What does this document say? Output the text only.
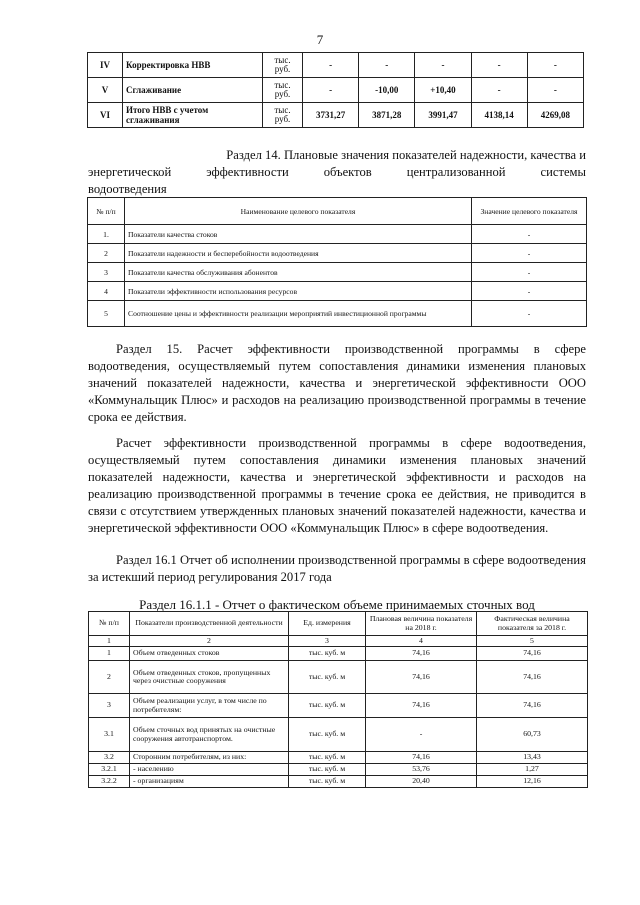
7
IV	Корректировка НВВ	тыс. руб.	-	-	-	-	-
V	Сглаживание	тыс. руб.	-	-10,00	+10,40	-	-
VI	Итого НВВ с учетом сглаживания	тыс. руб.	3731,27	3871,28	3991,47	4138,14	4269,08
Раздел 14. Плановые значения показателей надежности, качества и
энергетической	эффективности	объектов	централизованной	системы
водоотведения
№ п/п	Наименование целевого показателя	Значение целевого показателя
1.	Показатели качества стоков	-
2	Показатели надежности и бесперебойности водоотведения	-
3	Показатели качества обслуживания абонентов	-
4	Показатели эффективности использования ресурсов	-
5	Соотношение цены и эффективности реализации мероприятий инвестиционной программы	-
Раздел 15. Расчет эффективности производственной программы в сфере водоотведения, осуществляемый путем сопоставления динамики изменения плановых значений показателей надежности, качества и энергетической эффективности ООО «Коммунальщик Плюс» и расходов на реализацию производственной программы в течение срока ее действия.
Расчет эффективности производственной программы в сфере водоотведения, осуществляемый путем сопоставления динамики изменения плановых значений показателей надежности, качества и энергетической эффективности и расходов на реализацию производственной программы в течение срока ее действия, не приводится в связи с отсутствием утвержденных плановых значений показателей надежности, качества и энергетической эффективности ООО «Коммунальщик Плюс» в сфере водоотведения.
Раздел 16.1 Отчет об исполнении производственной программы в сфере водоотведения за истекший период регулирования 2017 года
Раздел 16.1.1 - Отчет о фактическом объеме принимаемых сточных вод
№ п/п	Показатели производственной деятельности	Ед. измерения	Плановая величина показателя на 2018 г.	Фактическая величина показателя за 2018 г.
1	2	3	4	5
1	Объем отведенных стоков	тыс. куб. м	74,16	74,16
2	Объем отведенных стоков, пропущенных через очистные сооружения	тыс. куб. м	74,16	74,16
3	Объем реализации услуг, в том числе по потребителям:	тыс. куб. м	74,16	74,16
3.1	Объем сточных вод принятых на очистные сооружения автотранспортом.	тыс. куб. м	-	60,73
3.2	Сторонним потребителям, из них:	тыс. куб. м	74,16	13,43
3.2.1	- населению	тыс. куб. м	53,76	1,27
3.2.2	- организациям	тыс. куб. м	20,40	12,16
